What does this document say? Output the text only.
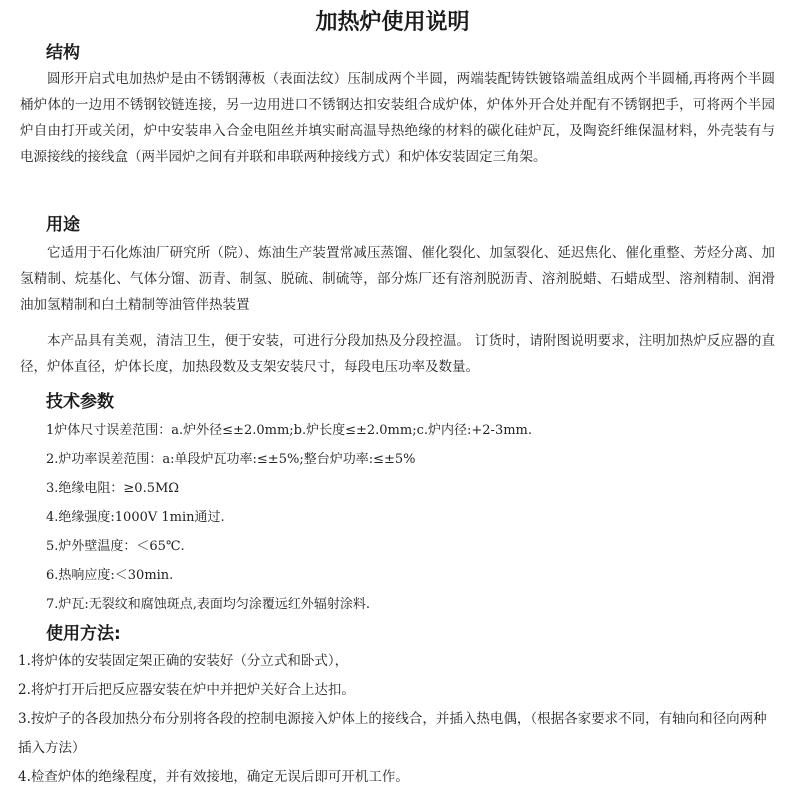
加热炉使用说明
结构
圆形开启式电加热炉是由不锈钢薄板（表面法纹）压制成两个半圆，两端装配铸铁镀铬端盖组成两个半圆桶,再将两个半圆桶炉体的一边用不锈钢铰链连接，另一边用进口不锈钢达扣安装组合成炉体，炉体外开合处并配有不锈钢把手，可将两个半园炉自由打开或关闭，炉中安装串入合金电阻丝并填实耐高温导热绝缘的材料的碳化硅炉瓦，及陶瓷纤维保温材料，外壳装有与电源接线的接线盒（两半园炉之间有并联和串联两种接线方式）和炉体安装固定三角架。
用途
它适用于石化炼油厂研究所（院）、炼油生产装置常减压蒸馏、催化裂化、加氢裂化、延迟焦化、催化重整、芳烃分离、加氢精制、烷基化、气体分馏、沥青、制氢、脱硫、制硫等，部分炼厂还有溶剂脱沥青、溶剂脱蜡、石蜡成型、溶剂精制、润滑油加氢精制和白土精制等油管伴热装置
本产品具有美观，清洁卫生，便于安装，可进行分段加热及分段控温。 订货时，请附图说明要求，注明加热炉反应器的直径，炉体直径，炉体长度，加热段数及支架安装尺寸，每段电压功率及数量。
技术参数
1炉体尺寸误差范围：a.炉外径≤±2.0mm;b.炉长度≤±2.0mm;c.炉内径:+2-3mm.
2.炉功率误差范围：a:单段炉瓦功率:≤±5%;整台炉功率:≤±5%
3.绝缘电阻：≥0.5MΩ
4.绝缘强度:1000V 1min通过.
5.炉外壁温度：＜65℃.
6.热响应度:＜30min.
7.炉瓦:无裂纹和腐蚀斑点,表面均匀涂覆远红外辐射涂料.
使用方法:
1.将炉体的安装固定架正确的安装好（分立式和卧式），
2.将炉打开后把反应器安装在炉中并把炉关好合上达扣。
3.按炉子的各段加热分布分别将各段的控制电源接入炉体上的接线合，并插入热电偶，（根据各家要求不同，有轴向和径向两种插入方法）
4.检查炉体的绝缘程度，并有效接地，确定无误后即可开机工作。
